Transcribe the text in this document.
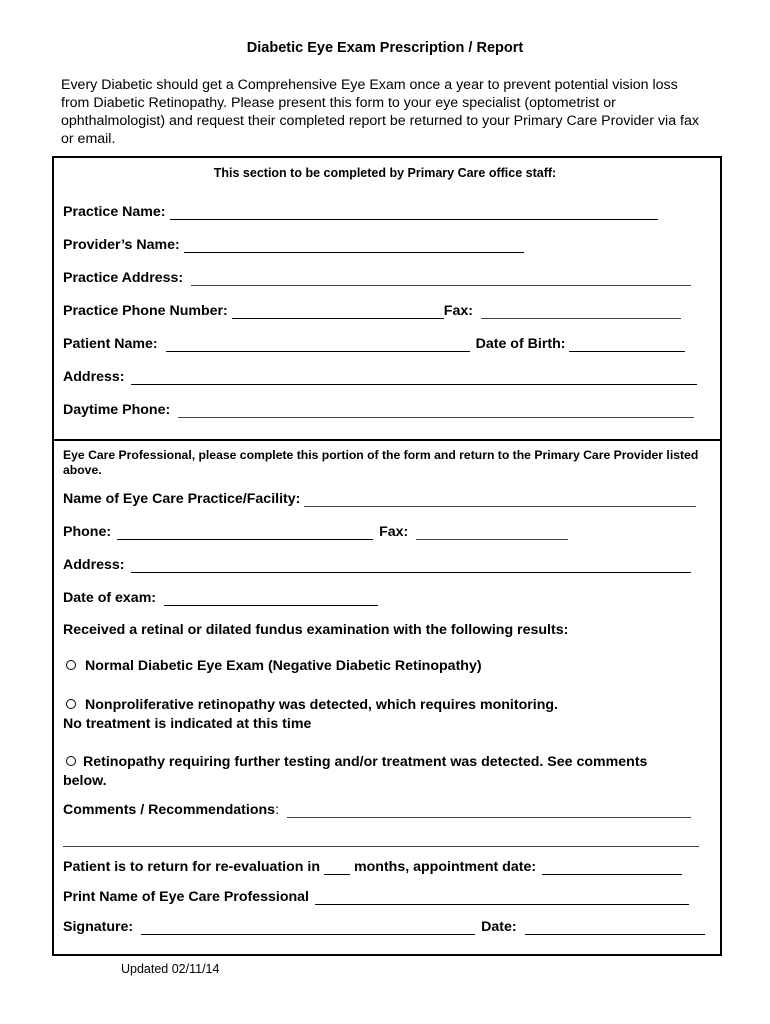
Diabetic Eye Exam Prescription / Report
Every Diabetic should get a Comprehensive Eye Exam once a year to prevent potential vision loss from Diabetic Retinopathy. Please present this form to your eye specialist (optometrist or ophthalmologist) and request their completed report be returned to your Primary Care Provider via fax or email.
This section to be completed by Primary Care office staff:
Practice Name:
Provider’s Name:
Practice Address:
Practice Phone Number:	Fax:
Patient Name:	Date of Birth:
Address:
Daytime Phone:
Eye Care Professional, please complete this portion of the form and return to the Primary Care Provider listed above.
Name of Eye Care Practice/Facility:
Phone:	Fax:
Address:
Date of exam:
Received a retinal or dilated fundus examination with the following results:
Normal Diabetic Eye Exam (Negative Diabetic Retinopathy)
Nonproliferative retinopathy was detected, which requires monitoring.
No treatment is indicated at this time
Retinopathy requiring further testing and/or treatment was detected. See comments
below.
Comments / Recommendations :
Patient is to return for re-evaluation in months, appointment date:
Print Name of Eye Care Professional
Signature:	Date:
Updated 02/11/14
